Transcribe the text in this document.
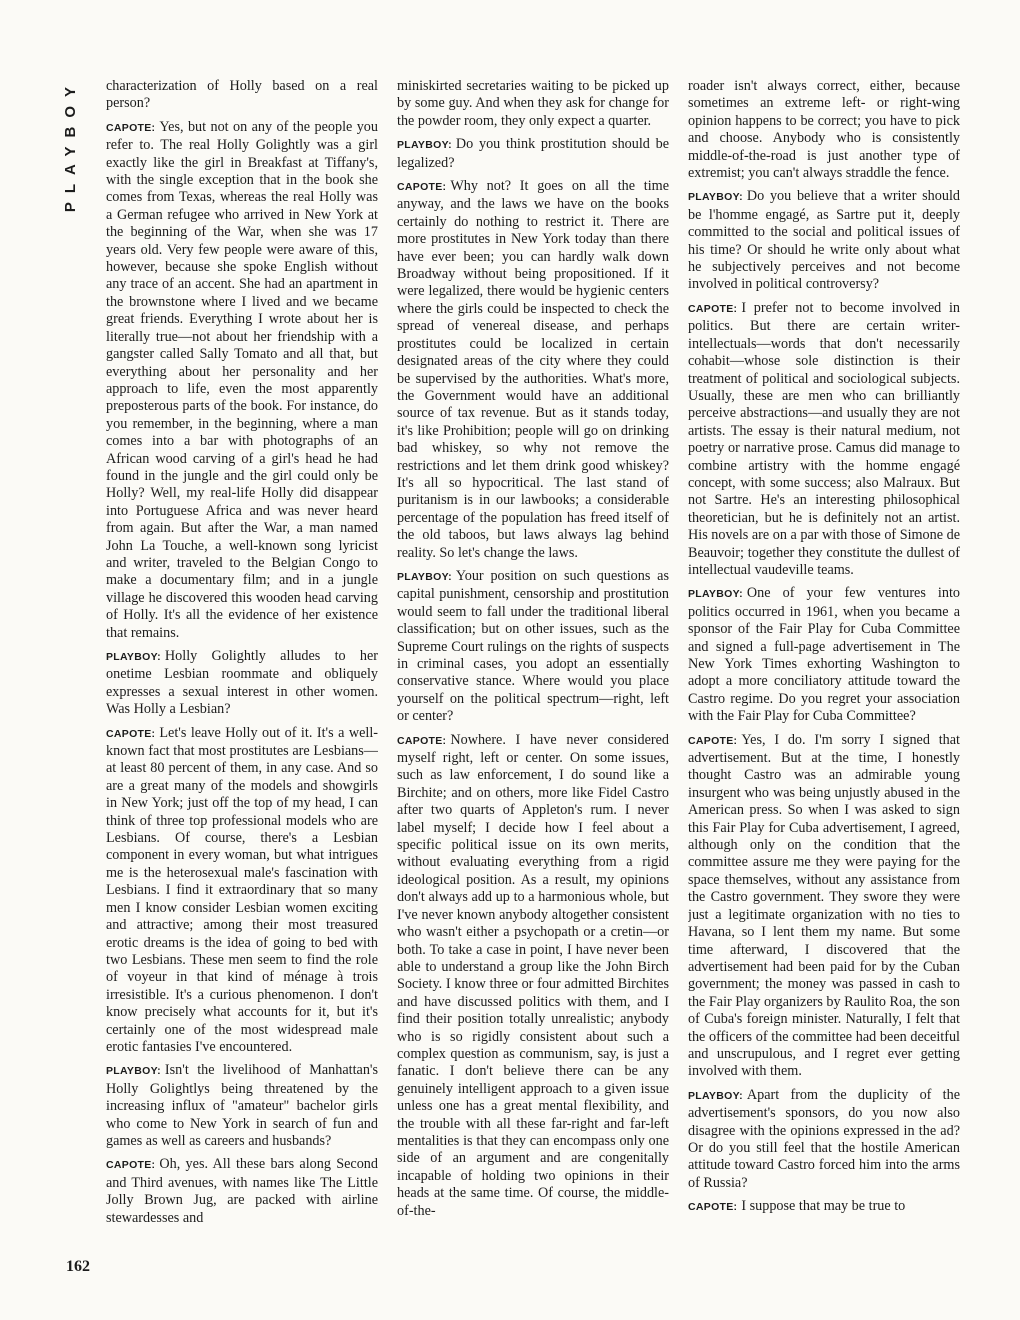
PLAYBOY
162

characterization of Holly based on a real person?

CAPOTE: Yes, but not on any of the people you refer to. The real Holly Golightly was a girl exactly like the girl in Breakfast at Tiffany's, with the single exception that in the book she comes from Texas, whereas the real Holly was a German refugee who arrived in New York at the beginning of the War, when she was 17 years old. Very few people were aware of this, however, because she spoke English without any trace of an accent. She had an apartment in the brownstone where I lived and we became great friends. Everything I wrote about her is literally true—not about her friendship with a gangster called Sally Tomato and all that, but everything about her personality and her approach to life, even the most apparently preposterous parts of the book. For instance, do you remember, in the beginning, where a man comes into a bar with photographs of an African wood carving of a girl's head he had found in the jungle and the girl could only be Holly? Well, my real-life Holly did disappear into Portuguese Africa and was never heard from again. But after the War, a man named John La Touche, a well-known song lyricist and writer, traveled to the Belgian Congo to make a documentary film; and in a jungle village he discovered this wooden head carving of Holly. It's all the evidence of her existence that remains.

PLAYBOY: Holly Golightly alludes to her onetime Lesbian roommate and obliquely expresses a sexual interest in other women. Was Holly a Lesbian?

CAPOTE: Let's leave Holly out of it. It's a well-known fact that most prostitutes are Lesbians—at least 80 percent of them, in any case. And so are a great many of the models and showgirls in New York; just off the top of my head, I can think of three top professional models who are Lesbians. Of course, there's a Lesbian component in every woman, but what intrigues me is the heterosexual male's fascination with Lesbians. I find it extraordinary that so many men I know consider Lesbian women exciting and attractive; among their most treasured erotic dreams is the idea of going to bed with two Lesbians. These men seem to find the role of voyeur in that kind of ménage à trois irresistible. It's a curious phenomenon. I don't know precisely what accounts for it, but it's certainly one of the most widespread male erotic fantasies I've encountered.

PLAYBOY: Isn't the livelihood of Manhattan's Holly Golightlys being threatened by the increasing influx of "amateur" bachelor girls who come to New York in search of fun and games as well as careers and husbands?

CAPOTE: Oh, yes. All these bars along Second and Third avenues, with names like The Little Jolly Brown Jug, are packed with airline stewardesses and

miniskirted secretaries waiting to be picked up by some guy. And when they ask for change for the powder room, they only expect a quarter.

PLAYBOY: Do you think prostitution should be legalized?

CAPOTE: Why not? It goes on all the time anyway, and the laws we have on the books certainly do nothing to restrict it. There are more prostitutes in New York today than there have ever been; you can hardly walk down Broadway without being propositioned. If it were legalized, there would be hygienic centers where the girls could be inspected to check the spread of venereal disease, and perhaps prostitutes could be localized in certain designated areas of the city where they could be supervised by the authorities. What's more, the Government would have an additional source of tax revenue. But as it stands today, it's like Prohibition; people will go on drinking bad whiskey, so why not remove the restrictions and let them drink good whiskey? It's all so hypocritical. The last stand of puritanism is in our lawbooks; a considerable percentage of the population has freed itself of the old taboos, but laws always lag behind reality. So let's change the laws.

PLAYBOY: Your position on such questions as capital punishment, censorship and prostitution would seem to fall under the traditional liberal classification; but on other issues, such as the Supreme Court rulings on the rights of suspects in criminal cases, you adopt an essentially conservative stance. Where would you place yourself on the political spectrum—right, left or center?

CAPOTE: Nowhere. I have never considered myself right, left or center. On some issues, such as law enforcement, I do sound like a Birchite; and on others, more like Fidel Castro after two quarts of Appleton's rum. I never label myself; I decide how I feel about a specific political issue on its own merits, without evaluating everything from a rigid ideological position. As a result, my opinions don't always add up to a harmonious whole, but I've never known anybody altogether consistent who wasn't either a psychopath or a cretin—or both. To take a case in point, I have never been able to understand a group like the John Birch Society. I know three or four admitted Birchites and have discussed politics with them, and I find their position totally unrealistic; anybody who is so rigidly consistent about such a complex question as communism, say, is just a fanatic. I don't believe there can be any genuinely intelligent approach to a given issue unless one has a great mental flexibility, and the trouble with all these far-right and far-left mentalities is that they can encompass only one side of an argument and are congenitally incapable of holding two opinions in their heads at the same time. Of course, the middle-of-the-

roader isn't always correct, either, because sometimes an extreme left- or right-wing opinion happens to be correct; you have to pick and choose. Anybody who is consistently middle-of-the-road is just another type of extremist; you can't always straddle the fence.

PLAYBOY: Do you believe that a writer should be l'homme engagé, as Sartre put it, deeply committed to the social and political issues of his time? Or should he write only about what he subjectively perceives and not become involved in political controversy?

CAPOTE: I prefer not to become involved in politics. But there are certain writer-intellectuals—words that don't necessarily cohabit—whose sole distinction is their treatment of political and sociological subjects. Usually, these are men who can brilliantly perceive abstractions—and usually they are not artists. The essay is their natural medium, not poetry or narrative prose. Camus did manage to combine artistry with the homme engagé concept, with some success; also Malraux. But not Sartre. He's an interesting philosophical theoretician, but he is definitely not an artist. His novels are on a par with those of Simone de Beauvoir; together they constitute the dullest of intellectual vaudeville teams.

PLAYBOY: One of your few ventures into politics occurred in 1961, when you became a sponsor of the Fair Play for Cuba Committee and signed a full-page advertisement in The New York Times exhorting Washington to adopt a more conciliatory attitude toward the Castro regime. Do you regret your association with the Fair Play for Cuba Committee?

CAPOTE: Yes, I do. I'm sorry I signed that advertisement. But at the time, I honestly thought Castro was an admirable young insurgent who was being unjustly abused in the American press. So when I was asked to sign this Fair Play for Cuba advertisement, I agreed, although only on the condition that the committee assure me they were paying for the space themselves, without any assistance from the Castro government. They swore they were just a legitimate organization with no ties to Havana, so I lent them my name. But some time afterward, I discovered that the advertisement had been paid for by the Cuban government; the money was passed in cash to the Fair Play organizers by Raulito Roa, the son of Cuba's foreign minister. Naturally, I felt that the officers of the committee had been deceitful and unscrupulous, and I regret ever getting involved with them.

PLAYBOY: Apart from the duplicity of the advertisement's sponsors, do you now also disagree with the opinions expressed in the ad? Or do you still feel that the hostile American attitude toward Castro forced him into the arms of Russia?

CAPOTE: I suppose that may be true to
